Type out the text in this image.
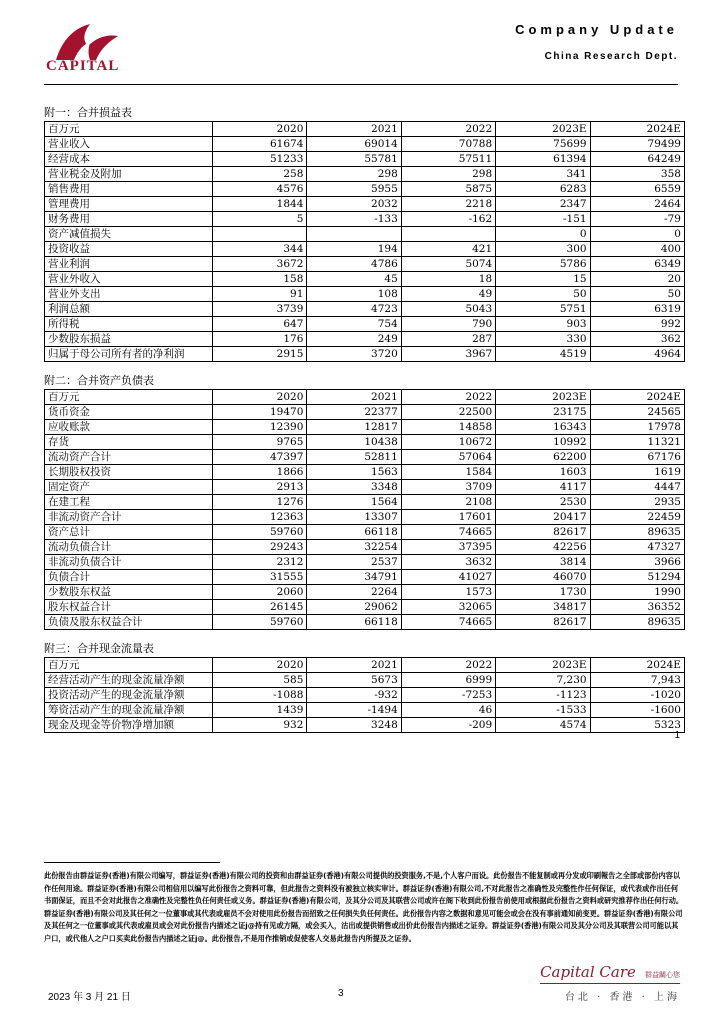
CAPITAL
Company Update
China Research Dept.
附一：合并损益表
百万元	2020	2021	2022	2023E	2024E
营业收入	61674	69014	70788	75699	79499
经营成本	51233	55781	57511	61394	64249
营业税金及附加	258	298	298	341	358
销售费用	4576	5955	5875	6283	6559
管理费用	1844	2032	2218	2347	2464
财务费用	5	-133	-162	-151	-79
资产减值损失				0	0
投资收益	344	194	421	300	400
营业利润	3672	4786	5074	5786	6349
营业外收入	158	45	18	15	20
营业外支出	91	108	49	50	50
利润总额	3739	4723	5043	5751	6319
所得税	647	754	790	903	992
少数股东损益	176	249	287	330	362
归属于母公司所有者的净利润	2915	3720	3967	4519	4964
附二：合并资产负债表
百万元	2020	2021	2022	2023E	2024E
货币资金	19470	22377	22500	23175	24565
应收账款	12390	12817	14858	16343	17978
存货	9765	10438	10672	10992	11321
流动资产合计	47397	52811	57064	62200	67176
长期股权投资	1866	1563	1584	1603	1619
固定资产	2913	3348	3709	4117	4447
在建工程	1276	1564	2108	2530	2935
非流动资产合计	12363	13307	17601	20417	22459
资产总计	59760	66118	74665	82617	89635
流动负债合计	29243	32254	37395	42256	47327
非流动负债合计	2312	2537	3632	3814	3966
负债合计	31555	34791	41027	46070	51294
少数股东权益	2060	2264	1573	1730	1990
股东权益合计	26145	29062	32065	34817	36352
负债及股东权益合计	59760	66118	74665	82617	89635
附三：合并现金流量表
百万元	2020	2021	2022	2023E	2024E
经营活动产生的现金流量净额	585	5673	6999	7,230	7,943
投资活动产生的现金流量净额	-1088	-932	-7253	-1123	-1020
筹资活动产生的现金流量净额	1439	-1494	46	-1533	-1600
现金及现金等价物净增加额	932	3248	-209	4574	5323
1
此份报告由群益证券(香港)有限公司编写，群益证券(香港)有限公司的投资和由群益证券(香港)有限公司提供的投资服务,不是,个人客户而设。此份报告不能复制或再分发或印刷報告之全部或部份内容以作任何用途。群益证券(香港)有限公司相信用以编写此份报告之资料可靠，但此报告之资料没有被独立核实审计。群益证券(香港)有限公司,不对此报告之准确性及完整性作任何保证，或代表或作出任何书面保证，而且不会对此报告之准确性及完整性负任何责任或义务。群益证券(香港)有限公司，及其分公司及其联营公司或许在阁下收到此份报告前使用或根据此份报告之资料或研究推荐作出任何行动。群益证券(香港)有限公司及其任何之一位董事或其代表或雇员不会对使用此份报告而招致之任何损失负任何责任。此份报告内容之数据和意见可能会或会在没有事前通知前变更。群益证券(香港)有限公司及其任何之一位董事或其代表或雇员或会对此份报告内描述之证j@持有见或方隔，或会买入，沽出或提供销售或出价此份报告内描述之证券。群益证券(香港)有限公司及其分公司及其联营公司可能以其户口，或代他人之户口买卖此份报告内描述之证j@。此份报告,不是用作推销或促使客人交易此报告内所提及之证券。
2023 年 3 月 21 日	3
Capital Care 群益關心您
台北 · 香港 · 上海
